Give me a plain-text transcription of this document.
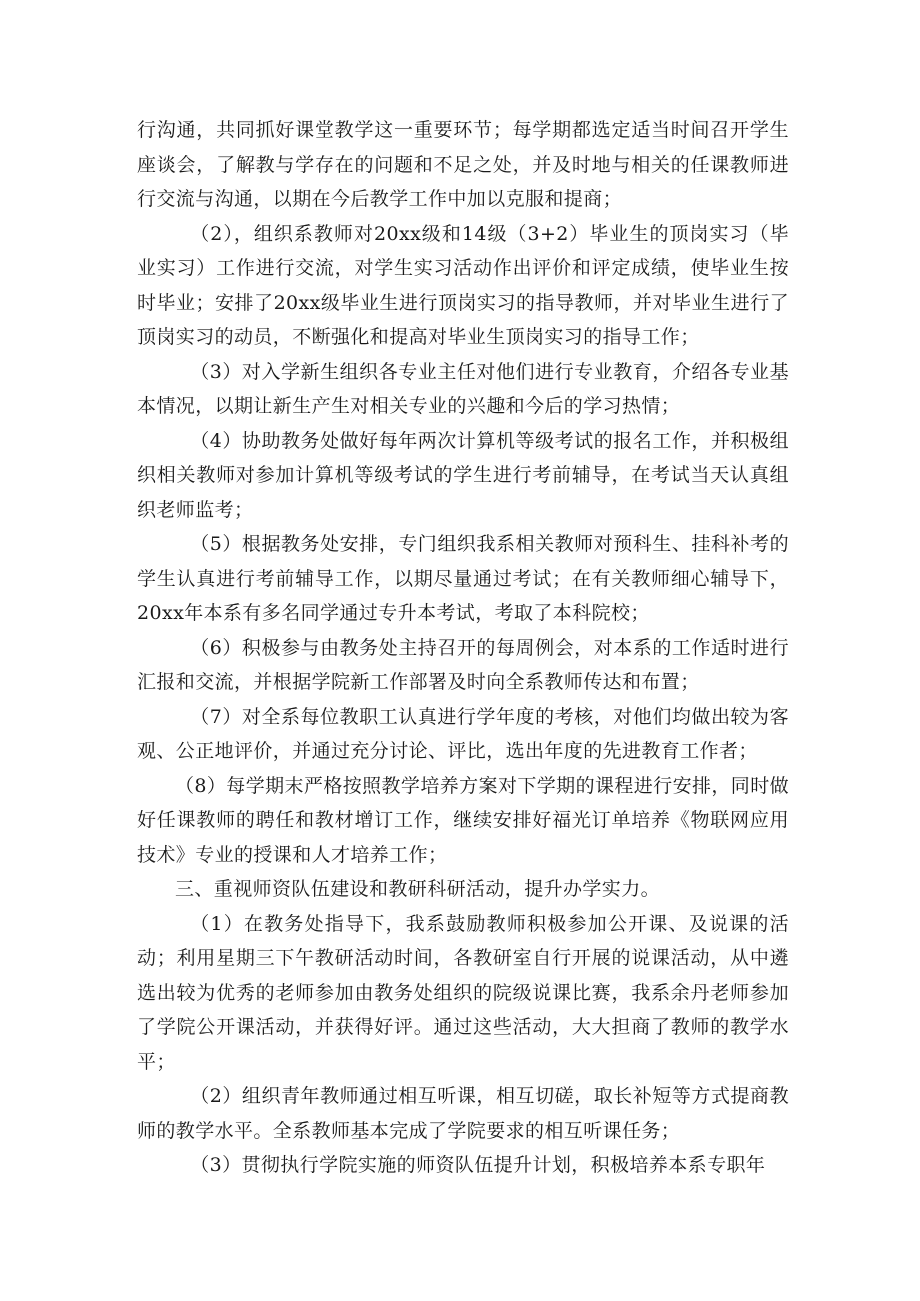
行沟通，共同抓好课堂教学这一重要环节；每学期都选定适当时间召开学生座谈会，了解教与学存在的问题和不足之处，并及时地与相关的任课教师进行交流与沟通，以期在今后教学工作中加以克服和提商；

（2），组织系教师对20xx级和14级（3+2）毕业生的顶岗实习（毕业实习）工作进行交流，对学生实习活动作出评价和评定成绩，使毕业生按时毕业；安排了20xx级毕业生进行顶岗实习的指导教师，并对毕业生进行了顶岗实习的动员，不断强化和提高对毕业生顶岗实习的指导工作；

（3）对入学新生组织各专业主任对他们进行专业教育，介绍各专业基本情况，以期让新生产生对相关专业的兴趣和今后的学习热情；

（4）协助教务处做好每年两次计算机等级考试的报名工作，并积极组织相关教师对参加计算机等级考试的学生进行考前辅导，在考试当天认真组织老师监考；

（5）根据教务处安排，专门组织我系相关教师对预科生、挂科补考的学生认真进行考前辅导工作，以期尽量通过考试；在有关教师细心辅导下，20xx年本系有多名同学通过专升本考试，考取了本科院校；

（6）积极参与由教务处主持召开的每周例会，对本系的工作适时进行汇报和交流，并根据学院新工作部署及时向全系教师传达和布置；

（7）对全系每位教职工认真进行学年度的考核，对他们均做出较为客观、公正地评价，并通过充分讨论、评比，选出年度的先进教育工作者；

（8）每学期末严格按照教学培养方案对下学期的课程进行安排，同时做好任课教师的聘任和教材增订工作，继续安排好福光订单培养《物联网应用技术》专业的授课和人才培养工作；

三、重视师资队伍建设和教研科研活动，提升办学实力。

（1）在教务处指导下，我系鼓励教师积极参加公开课、及说课的活动；利用星期三下午教研活动时间，各教研室自行开展的说课活动，从中遴选出较为优秀的老师参加由教务处组织的院级说课比赛，我系余丹老师参加了学院公开课活动，并获得好评。通过这些活动，大大担商了教师的教学水平；

（2）组织青年教师通过相互听课，相互切磋，取长补短等方式提商教师的教学水平。全系教师基本完成了学院要求的相互听课任务；

（3）贯彻执行学院实施的师资队伍提升计划，积极培养本系专职年
